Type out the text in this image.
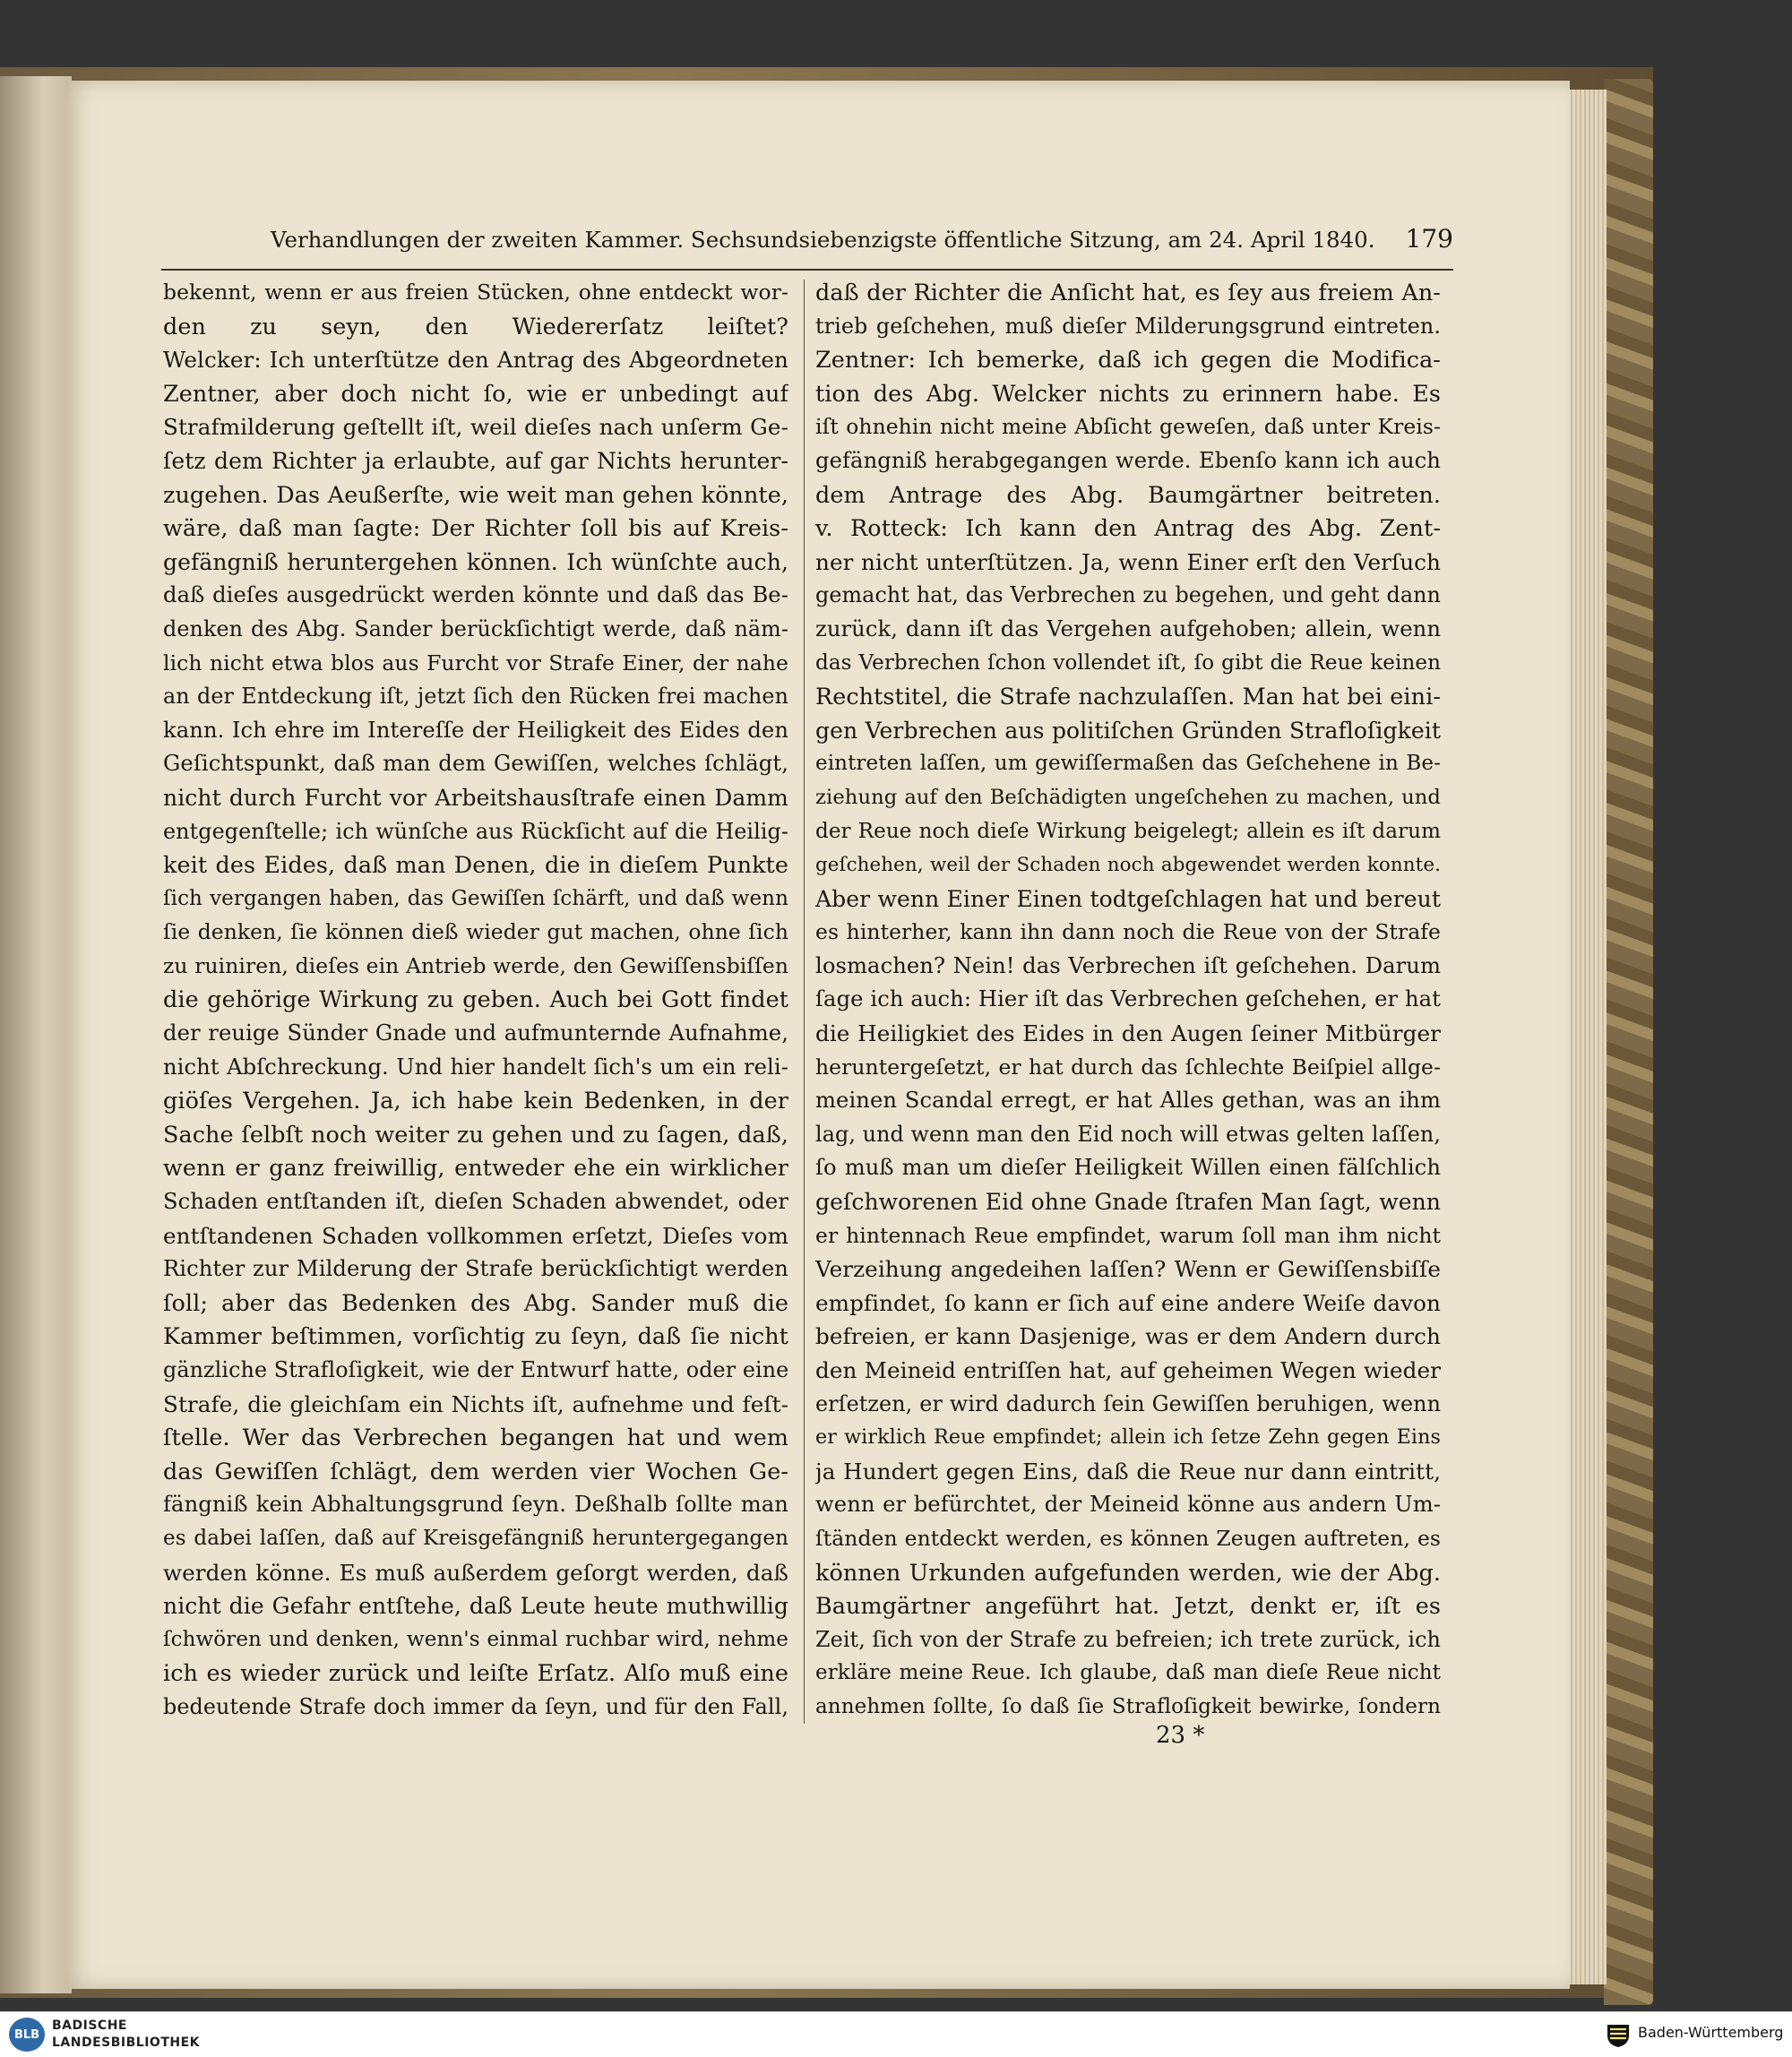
Verhandlungen der zweiten Kammer. Sechsundsiebenzigste öffentliche Sitzung, am 24. April 1840. 179
bekennt, wenn er aus freien Stücken, ohne entdeckt wor-
den zu seyn, den Wiedererſatz leiſtet?
Welcker: Ich unterſtütze den Antrag des Abgeordneten
Zentner, aber doch nicht ſo, wie er unbedingt auf
Strafmilderung geſtellt iſt, weil dieſes nach unſerm Ge-
ſetz dem Richter ja erlaubte, auf gar Nichts herunter-
zugehen. Das Aeußerſte, wie weit man gehen könnte,
wäre, daß man ſagte: Der Richter ſoll bis auf Kreis-
gefängniß heruntergehen können. Ich wünſchte auch,
daß dieſes ausgedrückt werden könnte und daß das Be-
denken des Abg. Sander berückſichtigt werde, daß näm-
lich nicht etwa blos aus Furcht vor Strafe Einer, der nahe
an der Entdeckung iſt, jetzt ſich den Rücken frei machen
kann. Ich ehre im Intereſſe der Heiligkeit des Eides den
Geſichtspunkt, daß man dem Gewiſſen, welches ſchlägt,
nicht durch Furcht vor Arbeitshausſtrafe einen Damm
entgegenſtelle; ich wünſche aus Rückſicht auf die Heilig-
keit des Eides, daß man Denen, die in dieſem Punkte
ſich vergangen haben, das Gewiſſen ſchärft, und daß wenn
ſie denken, ſie können dieß wieder gut machen, ohne ſich
zu ruiniren, dieſes ein Antrieb werde, den Gewiſſensbiſſen
die gehörige Wirkung zu geben. Auch bei Gott findet
der reuige Sünder Gnade und aufmunternde Aufnahme,
nicht Abſchreckung. Und hier handelt ſich's um ein reli-
giöſes Vergehen. Ja, ich habe kein Bedenken, in der
Sache ſelbſt noch weiter zu gehen und zu ſagen, daß,
wenn er ganz freiwillig, entweder ehe ein wirklicher
Schaden entſtanden iſt, dieſen Schaden abwendet, oder
entſtandenen Schaden vollkommen erſetzt, Dieſes vom
Richter zur Milderung der Strafe berückſichtigt werden
ſoll; aber das Bedenken des Abg. Sander muß die
Kammer beſtimmen, vorſichtig zu ſeyn, daß ſie nicht
gänzliche Strafloſigkeit, wie der Entwurf hatte, oder eine
Strafe, die gleichſam ein Nichts iſt, aufnehme und feſt-
ſtelle. Wer das Verbrechen begangen hat und wem
das Gewiſſen ſchlägt, dem werden vier Wochen Ge-
fängniß kein Abhaltungsgrund ſeyn. Deßhalb ſollte man
es dabei laſſen, daß auf Kreisgefängniß heruntergegangen
werden könne. Es muß außerdem geſorgt werden, daß
nicht die Gefahr entſtehe, daß Leute heute muthwillig
ſchwören und denken, wenn's einmal ruchbar wird, nehme
ich es wieder zurück und leiſte Erſatz. Alſo muß eine
bedeutende Strafe doch immer da ſeyn, und für den Fall,
daß der Richter die Anſicht hat, es ſey aus freiem An-
trieb geſchehen, muß dieſer Milderungsgrund eintreten.
Zentner: Ich bemerke, daß ich gegen die Modifica-
tion des Abg. Welcker nichts zu erinnern habe. Es
iſt ohnehin nicht meine Abſicht geweſen, daß unter Kreis-
gefängniß herabgegangen werde. Ebenſo kann ich auch
dem Antrage des Abg. Baumgärtner beitreten.
v. Rotteck: Ich kann den Antrag des Abg. Zent-
ner nicht unterſtützen. Ja, wenn Einer erſt den Verſuch
gemacht hat, das Verbrechen zu begehen, und geht dann
zurück, dann iſt das Vergehen aufgehoben; allein, wenn
das Verbrechen ſchon vollendet iſt, ſo gibt die Reue keinen
Rechtstitel, die Strafe nachzulaſſen. Man hat bei eini-
gen Verbrechen aus politiſchen Gründen Strafloſigkeit
eintreten laſſen, um gewiſſermaßen das Geſchehene in Be-
ziehung auf den Beſchädigten ungeſchehen zu machen, und
der Reue noch dieſe Wirkung beigelegt; allein es iſt darum
geſchehen, weil der Schaden noch abgewendet werden konnte.
Aber wenn Einer Einen todtgeſchlagen hat und bereut
es hinterher, kann ihn dann noch die Reue von der Strafe
losmachen? Nein! das Verbrechen iſt geſchehen. Darum
ſage ich auch: Hier iſt das Verbrechen geſchehen, er hat
die Heiligkiet des Eides in den Augen ſeiner Mitbürger
heruntergeſetzt, er hat durch das ſchlechte Beiſpiel allge-
meinen Scandal erregt, er hat Alles gethan, was an ihm
lag, und wenn man den Eid noch will etwas gelten laſſen,
ſo muß man um dieſer Heiligkeit Willen einen fälſchlich
geſchworenen Eid ohne Gnade ſtrafen Man ſagt, wenn
er hintennach Reue empfindet, warum ſoll man ihm nicht
Verzeihung angedeihen laſſen? Wenn er Gewiſſensbiſſe
empfindet, ſo kann er ſich auf eine andere Weiſe davon
befreien, er kann Dasjenige, was er dem Andern durch
den Meineid entriſſen hat, auf geheimen Wegen wieder
erſetzen, er wird dadurch ſein Gewiſſen beruhigen, wenn
er wirklich Reue empfindet; allein ich ſetze Zehn gegen Eins
ja Hundert gegen Eins, daß die Reue nur dann eintritt,
wenn er befürchtet, der Meineid könne aus andern Um-
ſtänden entdeckt werden, es können Zeugen auftreten, es
können Urkunden aufgefunden werden, wie der Abg.
Baumgärtner angeführt hat. Jetzt, denkt er, iſt es
Zeit, ſich von der Strafe zu befreien; ich trete zurück, ich
erkläre meine Reue. Ich glaube, daß man dieſe Reue nicht
annehmen ſollte, ſo daß ſie Strafloſigkeit bewirke, ſondern
23 *
BLB
BADISCHE
LANDESBIBLIOTHEK
Baden-Württemberg
